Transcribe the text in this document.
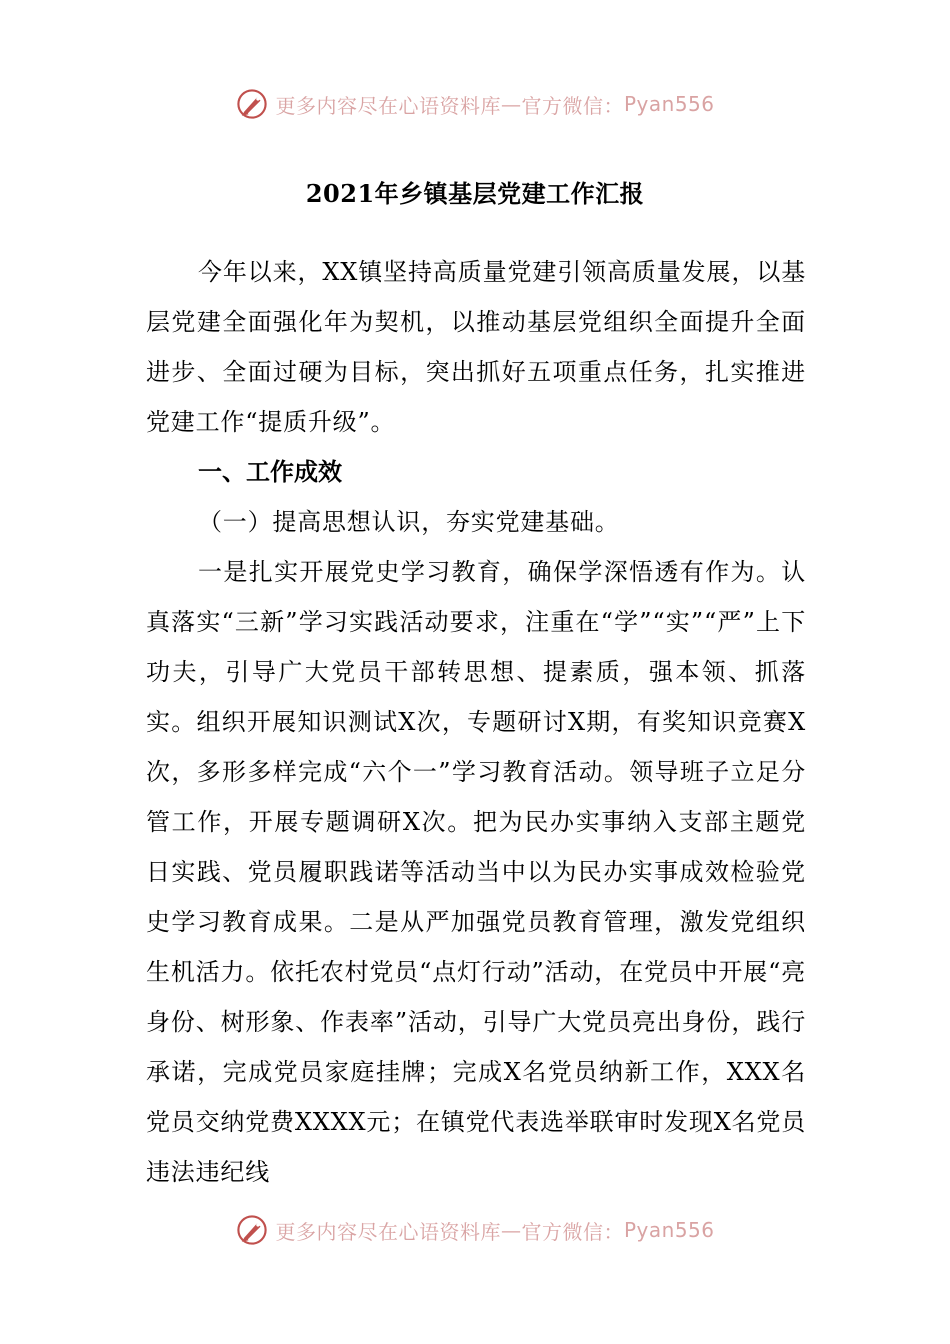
更多内容尽在心语资料库 — 官方微信： Pyan556
2021年乡镇基层党建工作汇报

今年以来，XX镇坚持高质量党建引领高质量发展，以基层党建全面强化年为契机，以推动基层党组织全面提升全面进步、全面过硬为目标，突出抓好五项重点任务，扎实推进党建工作“提质升级”。

一、工作成效

（一）提高思想认识，夯实党建基础。

一是扎实开展党史学习教育，确保学深悟透有作为。认真落实“三新”学习实践活动要求，注重在“学”“实”“严”上下功夫，引导广大党员干部转思想、提素质，强本领、抓落实。组织开展知识测试X次，专题研讨X期，有奖知识竞赛X次，多形多样完成“六个一”学习教育活动。领导班子立足分管工作，开展专题调研X次。把为民办实事纳入支部主题党日实践、党员履职践诺等活动当中以为民办实事成效检验党史学习教育成果。二是从严加强党员教育管理，激发党组织生机活力。依托农村党员“点灯行动”活动，在党员中开展“亮身份、树形象、作表率”活动，引导广大党员亮出身份，践行承诺，完成党员家庭挂牌；完成X名党员纳新工作，XXX名党员交纳党费XXXX元；在镇党代表选举联审时发现X名党员违法违纪线

更多内容尽在心语资料库 — 官方微信： Pyan556
